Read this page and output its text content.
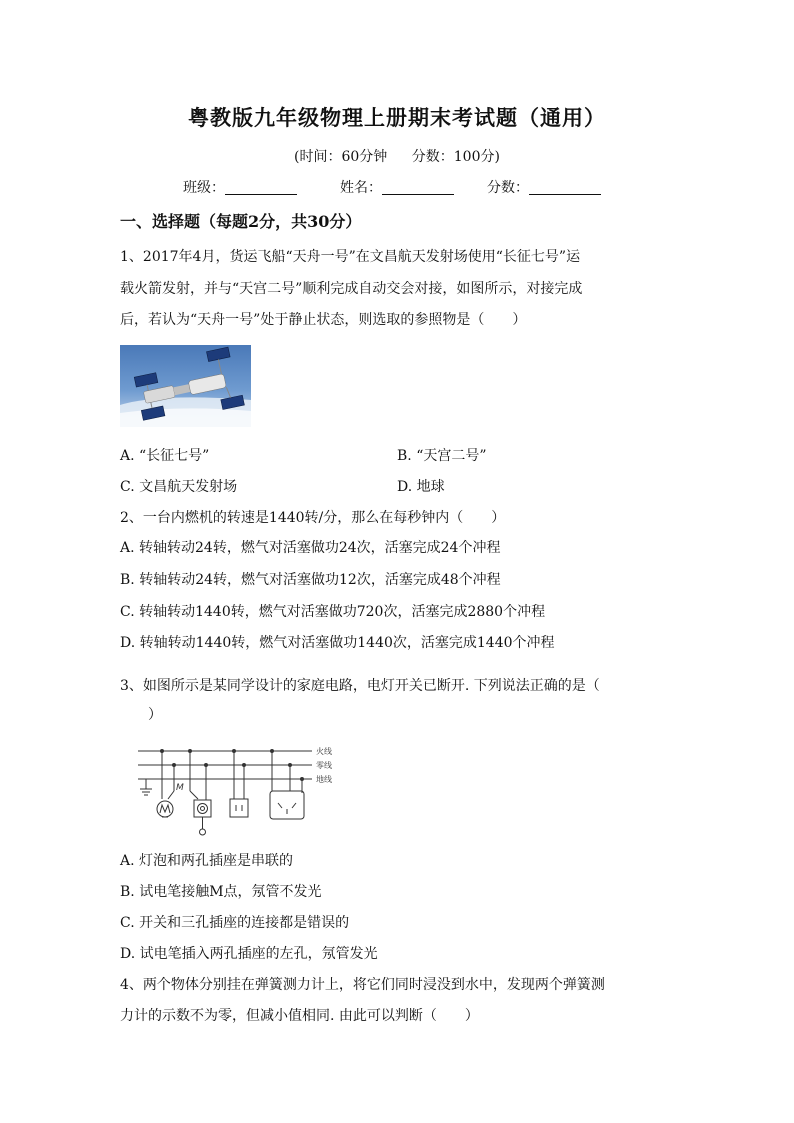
粤教版九年级物理上册期末考试题（通用）
(时间：60分钟 分数：100分)
班级：	姓名：	分数：
一、选择题（每题2分，共30分）
1、2017年4月，货运飞船“天舟一号”在文昌航天发射场使用“长征七号”运
载火箭发射，并与“天宫二号”顺利完成自动交会对接，如图所示，对接完成
后，若认为“天舟一号”处于静止状态，则选取的参照物是（　　）
A. “长征七号”	B. “天宫二号”
C. 文昌航天发射场	D. 地球
2、一台内燃机的转速是1440转/分，那么在每秒钟内（　　）
A. 转轴转动24转，燃气对活塞做功24次，活塞完成24个冲程
B. 转轴转动24转，燃气对活塞做功12次，活塞完成48个冲程
C. 转轴转动1440转，燃气对活塞做功720次，活塞完成2880个冲程
D. 转轴转动1440转，燃气对活塞做功1440次，活塞完成1440个冲程
3、如图所示是某同学设计的家庭电路，电灯开关已断开. 下列说法正确的是（
　　）
M
火线
零线
地线
A. 灯泡和两孔插座是串联的
B. 试电笔接触M点，氖管不发光
C. 开关和三孔插座的连接都是错误的
D. 试电笔插入两孔插座的左孔，氖管发光
4、两个物体分别挂在弹簧测力计上，将它们同时浸没到水中，发现两个弹簧测
力计的示数不为零，但减小值相同. 由此可以判断（　　）
